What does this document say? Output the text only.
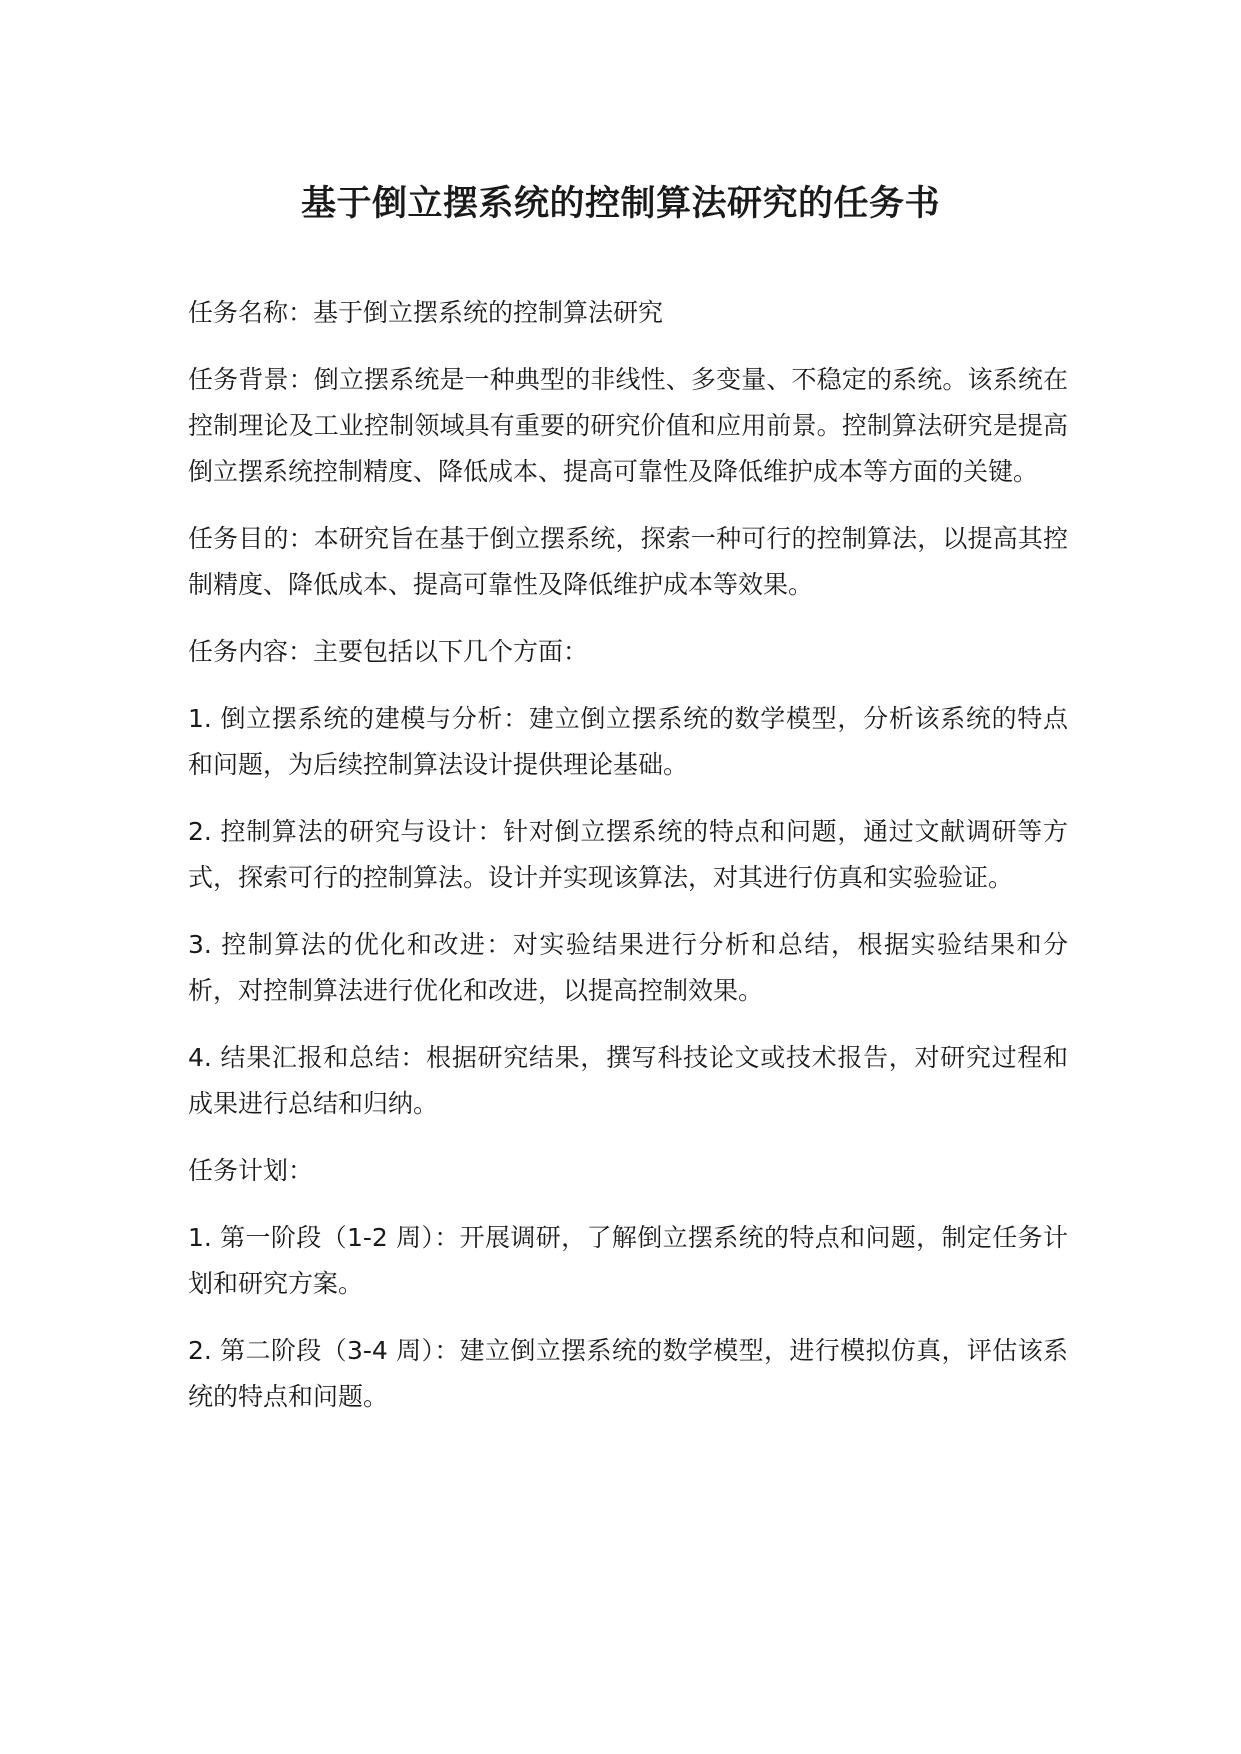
基于倒立摆系统的控制算法研究的任务书

任务名称：基于倒立摆系统的控制算法研究

任务背景：倒立摆系统是一种典型的非线性、多变量、不稳定的系统。该系统在控制理论及工业控制领域具有重要的研究价值和应用前景。控制算法研究是提高倒立摆系统控制精度、降低成本、提高可靠性及降低维护成本等方面的关键。

任务目的：本研究旨在基于倒立摆系统，探索一种可行的控制算法，以提高其控制精度、降低成本、提高可靠性及降低维护成本等效果。

任务内容：主要包括以下几个方面：

1. 倒立摆系统的建模与分析：建立倒立摆系统的数学模型，分析该系统的特点和问题，为后续控制算法设计提供理论基础。

2. 控制算法的研究与设计：针对倒立摆系统的特点和问题，通过文献调研等方式，探索可行的控制算法。设计并实现该算法，对其进行仿真和实验验证。

3. 控制算法的优化和改进：对实验结果进行分析和总结，根据实验结果和分析，对控制算法进行优化和改进，以提高控制效果。

4. 结果汇报和总结：根据研究结果，撰写科技论文或技术报告，对研究过程和成果进行总结和归纳。

任务计划：

1. 第一阶段（1-2 周）：开展调研，了解倒立摆系统的特点和问题，制定任务计划和研究方案。

2. 第二阶段（3-4 周）：建立倒立摆系统的数学模型，进行模拟仿真，评估该系统的特点和问题。
